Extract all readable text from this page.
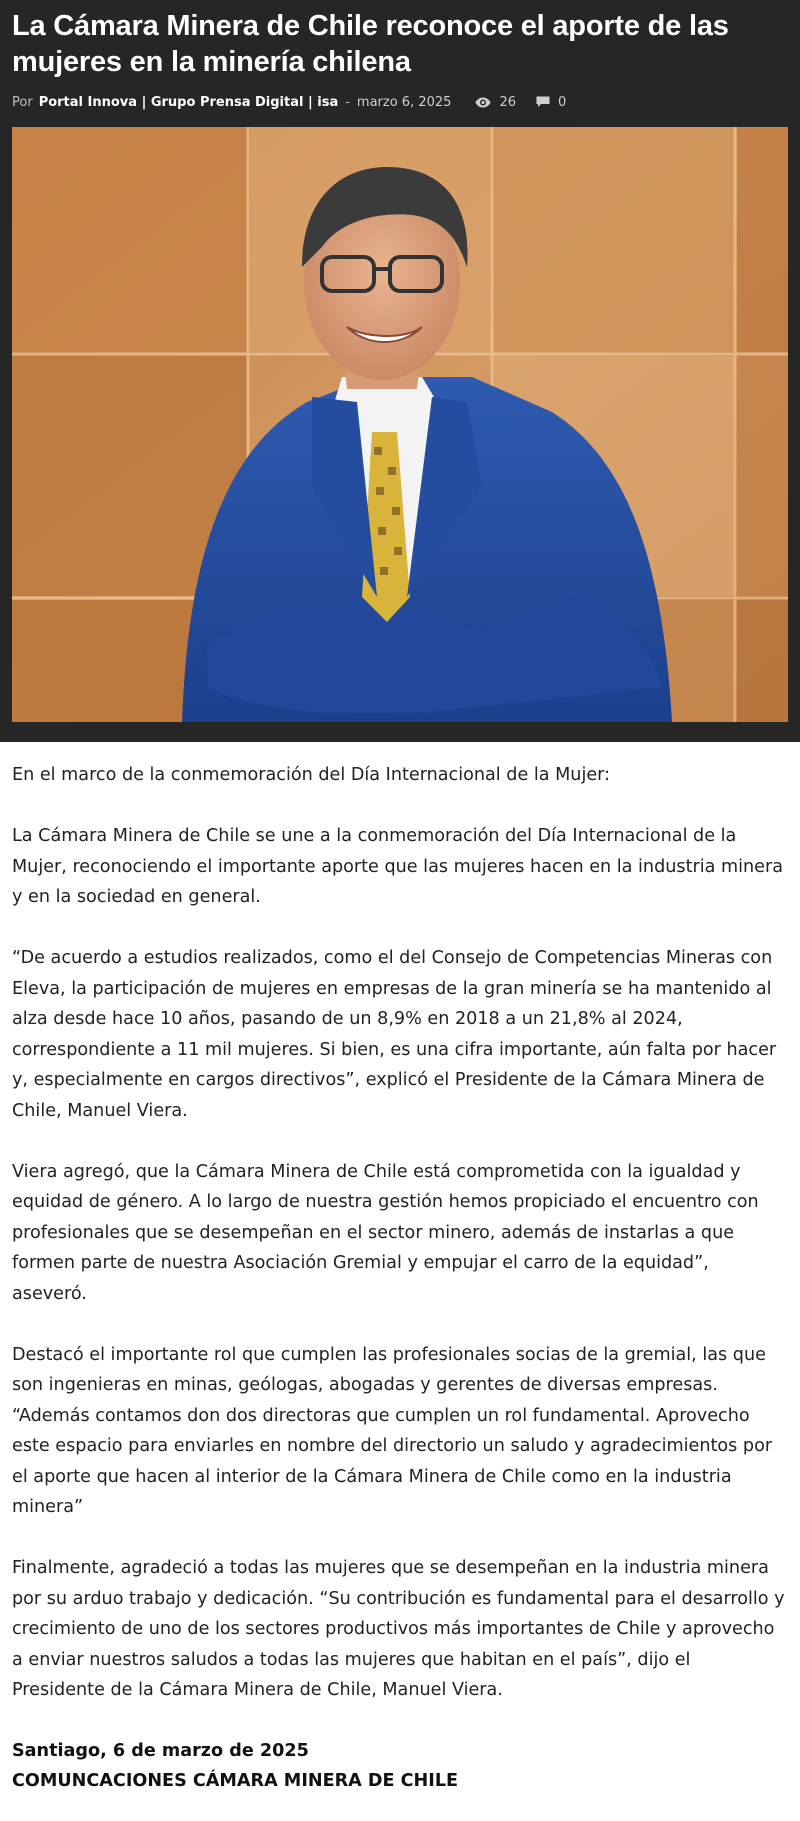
La Cámara Minera de Chile reconoce el aporte de las mujeres en la minería chilena
Por Portal Innova | Grupo Prensa Digital | isa - marzo 6, 2025	26	0

En el marco de la conmemoración del Día Internacional de la Mujer:

La Cámara Minera de Chile se une a la conmemoración del Día Internacional de la Mujer, reconociendo el importante aporte que las mujeres hacen en la industria minera y en la sociedad en general.

“De acuerdo a estudios realizados, como el del Consejo de Competencias Mineras con Eleva, la participación de mujeres en empresas de la gran minería se ha mantenido al alza desde hace 10 años, pasando de un 8,9% en 2018 a un 21,8% al 2024, correspondiente a 11 mil mujeres. Si bien, es una cifra importante, aún falta por hacer y, especialmente en cargos directivos”, explicó el Presidente de la Cámara Minera de Chile, Manuel Viera.

Viera agregó, que la Cámara Minera de Chile está comprometida con la igualdad y equidad de género. A lo largo de nuestra gestión hemos propiciado el encuentro con profesionales que se desempeñan en el sector minero, además de instarlas a que formen parte de nuestra Asociación Gremial y empujar el carro de la equidad”, aseveró.

Destacó el importante rol que cumplen las profesionales socias de la gremial, las que son ingenieras en minas, geólogas, abogadas y gerentes de diversas empresas. “Además contamos don dos directoras que cumplen un rol fundamental. Aprovecho este espacio para enviarles en nombre del directorio un saludo y agradecimientos por el aporte que hacen al interior de la Cámara Minera de Chile como en la industria minera”

Finalmente, agradeció a todas las mujeres que se desempeñan en la industria minera por su arduo trabajo y dedicación. “Su contribución es fundamental para el desarrollo y crecimiento de uno de los sectores productivos más importantes de Chile y aprovecho a enviar nuestros saludos a todas las mujeres que habitan en el país”, dijo el Presidente de la Cámara Minera de Chile, Manuel Viera.

Santiago, 6 de marzo de 2025
COMUNCACIONES CÁMARA MINERA DE CHILE
